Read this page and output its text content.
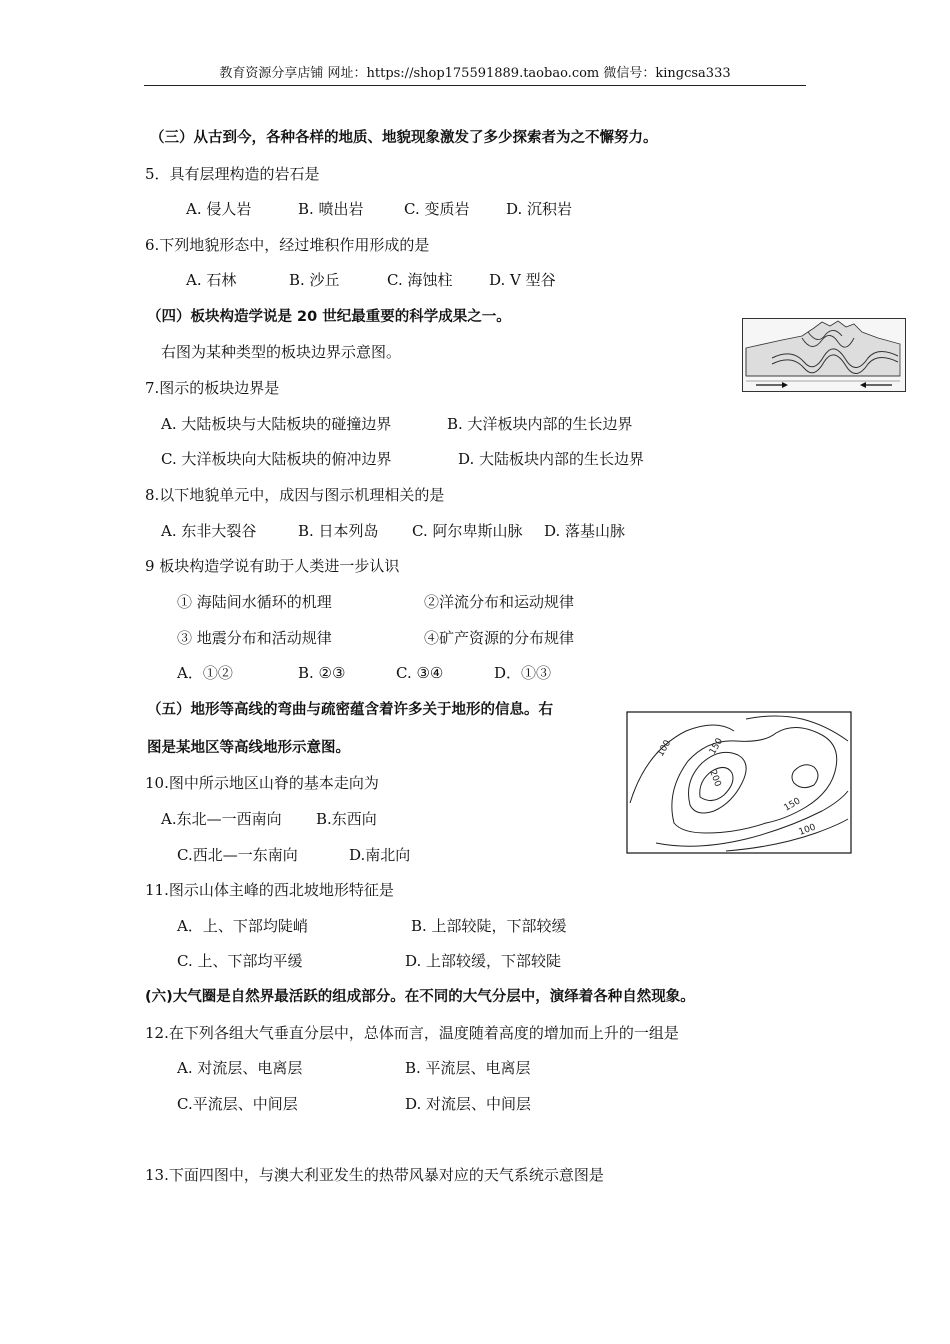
教育资源分享店铺 网址：https://shop175591889.taobao.com 微信号：kingcsa333
（三）从古到今，各种各样的地质、地貌现象激发了多少探索者为之不懈努力。
5．具有层理构造的岩石是
A. 侵人岩	B. 喷出岩	C. 变质岩 D. 沉积岩
6.下列地貌形态中，经过堆积作用形成的是
A. 石林	B. 沙丘	C. 海蚀柱 D. V 型谷
（四）板块构造学说是 20 世纪最重要的科学成果之一。
右图为某种类型的板块边界示意图。
7.图示的板块边界是
A. 大陆板块与大陆板块的碰撞边界	B. 大洋板块内部的生长边界
C. 大洋板块向大陆板块的俯冲边界	D. 大陆板块内部的生长边界
8.以下地貌单元中，成因与图示机理相关的是
A. 东非大裂谷	B. 日本列岛 C. 阿尔卑斯山脉 D. 落基山脉
9 板块构造学说有助于人类进一步认识
① 海陆间水循环的机理	②洋流分布和运动规律
③ 地震分布和活动规律	④矿产资源的分布规律
A．①②	B. ②③	C. ③④	D．①③
（五）地形等高线的弯曲与疏密蕴含着许多关于地形的信息。右
图是某地区等高线地形示意图。	100	150
200
150
100
10.图中所示地区山脊的基本走向为
A.东北—一西南向 B.东西向
C.西北—一东南向	D.南北向
11.图示山体主峰的西北坡地形特征是
A．上、下部均陡峭	B. 上部较陡，下部较缓
C. 上、下部均平缓	D. 上部较缓，下部较陡
(六)大气圈是自然界最活跃的组成部分。在不同的大气分层中，演绎着各种自然现象。
12.在下列各组大气垂直分层中，总体而言，温度随着高度的增加而上升的一组是
A. 对流层、电离层	B. 平流层、电离层
C.平流层、中间层	D. 对流层、中间层
13.下面四图中，与澳大利亚发生的热带风暴对应的天气系统示意图是
